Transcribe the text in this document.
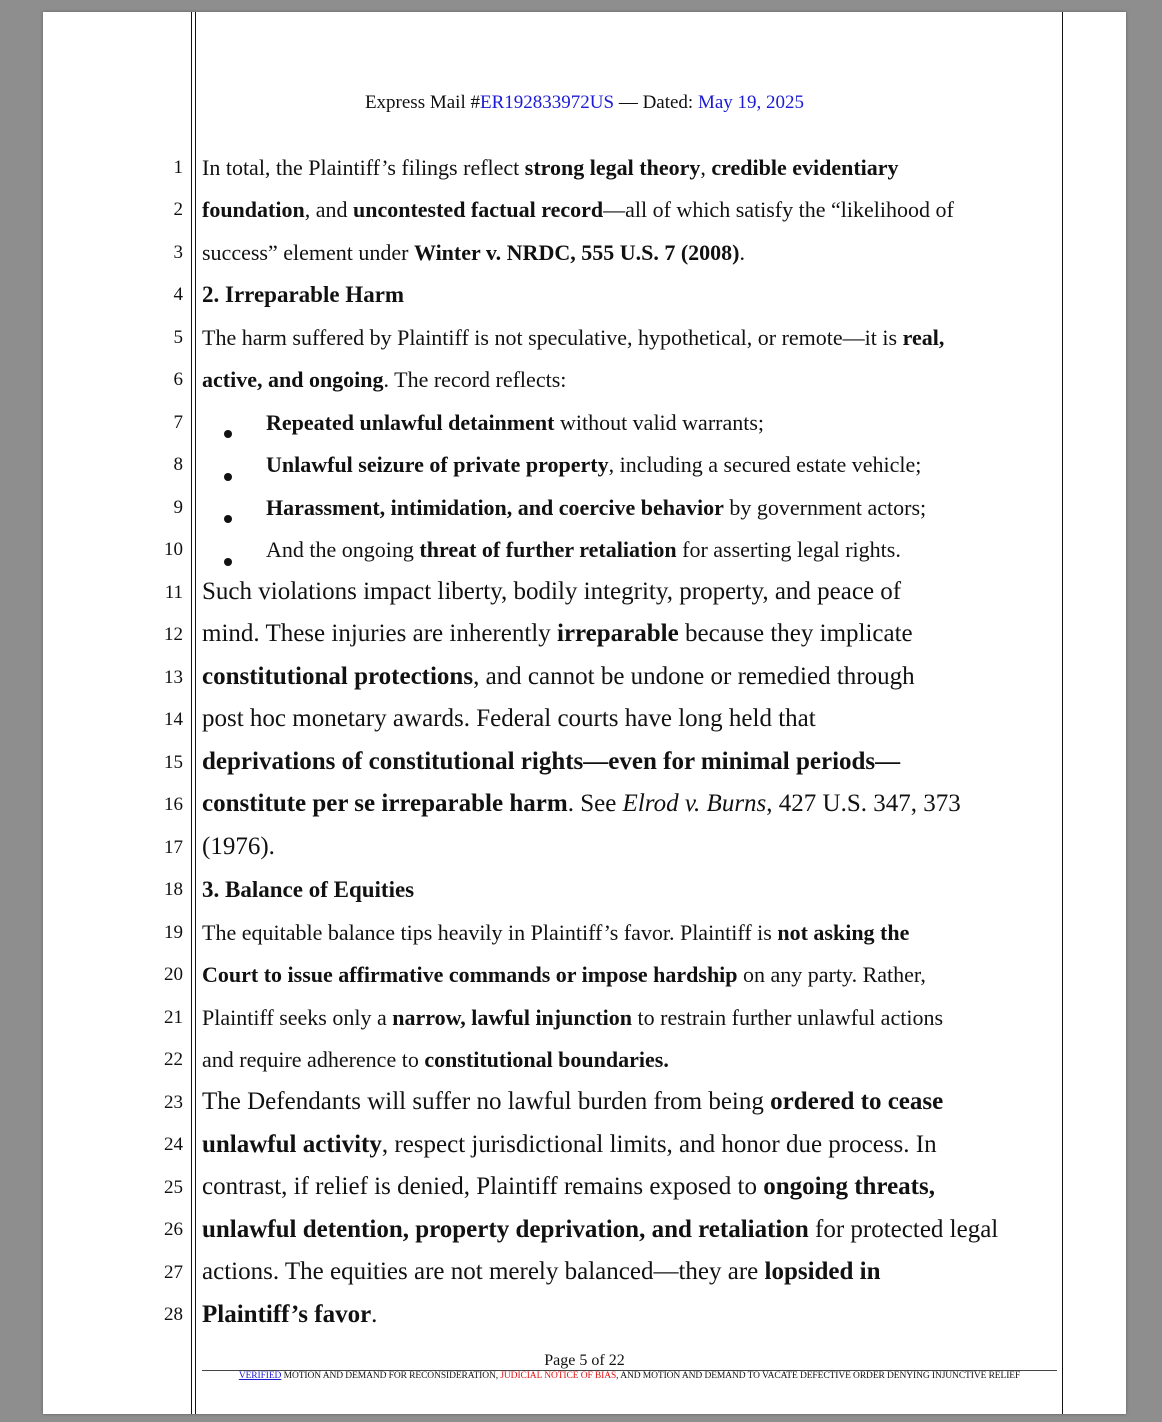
Express Mail #ER192833972US — Dated: May 19, 2025
1
2
3
4
5
6
7
8
9
10
11
12
13
14
15
16
17
18
19
20
21
22
23
24
25
26
27
28
In total, the Plaintiff’s filings reflect strong legal theory, credible evidentiary
foundation, and uncontested factual record—all of which satisfy the “likelihood of
success” element under Winter v. NRDC, 555 U.S. 7 (2008).
2. Irreparable Harm
The harm suffered by Plaintiff is not speculative, hypothetical, or remote—it is real,
active, and ongoing. The record reflects:
Repeated unlawful detainment without valid warrants;
Unlawful seizure of private property, including a secured estate vehicle;
Harassment, intimidation, and coercive behavior by government actors;
And the ongoing threat of further retaliation for asserting legal rights.
Such violations impact liberty, bodily integrity, property, and peace of
mind. These injuries are inherently irreparable because they implicate
constitutional protections, and cannot be undone or remedied through
post hoc monetary awards. Federal courts have long held that
deprivations of constitutional rights—even for minimal periods—
constitute per se irreparable harm. See Elrod v. Burns, 427 U.S. 347, 373
(1976).
3. Balance of Equities
The equitable balance tips heavily in Plaintiff’s favor. Plaintiff is not asking the
Court to issue affirmative commands or impose hardship on any party. Rather,
Plaintiff seeks only a narrow, lawful injunction to restrain further unlawful actions
and require adherence to constitutional boundaries.
The Defendants will suffer no lawful burden from being ordered to cease
unlawful activity, respect jurisdictional limits, and honor due process. In
contrast, if relief is denied, Plaintiff remains exposed to ongoing threats,
unlawful detention, property deprivation, and retaliation for protected legal
actions. The equities are not merely balanced—they are lopsided in
Plaintiff’s favor.
Page 5 of 22
VERIFIED MOTION AND DEMAND FOR RECONSIDERATION, JUDICIAL NOTICE OF BIAS, AND MOTION AND DEMAND TO VACATE DEFECTIVE ORDER DENYING INJUNCTIVE RELIEF
